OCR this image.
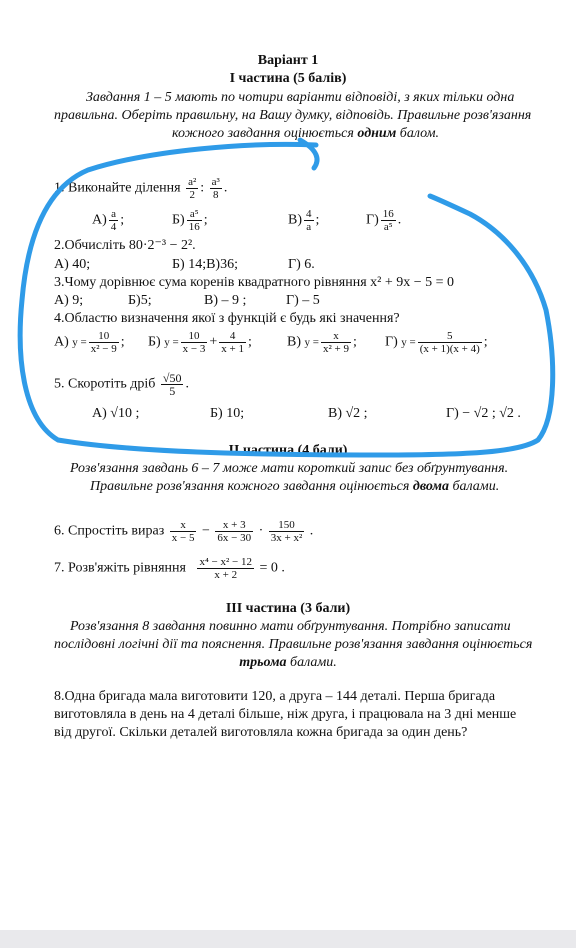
Варіант 1
І частина (5 балів)
Завдання 1 – 5 мають по чотири варіанти відповіді, з яких тільки одна
правильна. Оберіть правильну, на Вашу думку, відповідь. Правильне розв'язання
кожного завдання оцінюється одним балом.
1. Виконайте ділення $\frac{\text{a²}}{2}$ : $\frac{\text{a³}}{8}$ .
$А) \frac{a}{4}$ ;	$Б) \frac{\text{a⁵}}{16}$ ;	$В) \frac{4}{a}$ ;	$Г) \frac{16}{\text{a⁵}}$ .
2.Обчисліть 80·2⁻³ − 2².
А) 40;	Б) 14;В)36;	Г) 6.
3.Чому дорівнює сума коренів квадратного рівняння x² + 9x − 5 = 0
А) 9;	Б)5;	В) – 9 ;	Г) – 5
4.Областю визначення якої з функцій є будь які значення?
А) $y = \frac{10}{\text{x² − 9}}$ ; Б) $y = \frac{10}{x - 3} + \frac{4}{x + 1}$ ;	В) $y = \frac{x}{\text{x² + 9}}$ ; Г) $y = \frac{5}{(x + 1)(x + 4)}$ ;
5. Скоротіть дріб $\frac{√50}{5}$ .
А) √10 ;	Б) 10;	В) √2 ;	Г) − √2 ; √2 .
ІІ частина (4 бали)
Розв'язання завдань 6 – 7 може мати короткий запис без обґрунтування.
Правильне розв'язання кожного завдання оцінюється двома балами.
6. Спростіть вираз $\frac{x}{x - 5} - \frac{x + 3}{6x - 30} \cdot \frac{150}{\text{3x + x²}}$ .
7. Розв'яжіть рівняння $\frac{\text{x⁴ − x² − 12}}{x + 2} = 0$ .
ІІІ частина (3 бали)
Розв'язання 8 завдання повинно мати обґрунтування. Потрібно записати
послідовні логічні дії та пояснення. Правильне розв'язання завдання оцінюється
трьома балами.
8.Одна бригада мала виготовити 120, а друга – 144 деталі. Перша бригада
виготовляла в день на 4 деталі більше, ніж друга, і працювала на 3 дні менше
від другої. Скільки деталей виготовляла кожна бригада за один день?
